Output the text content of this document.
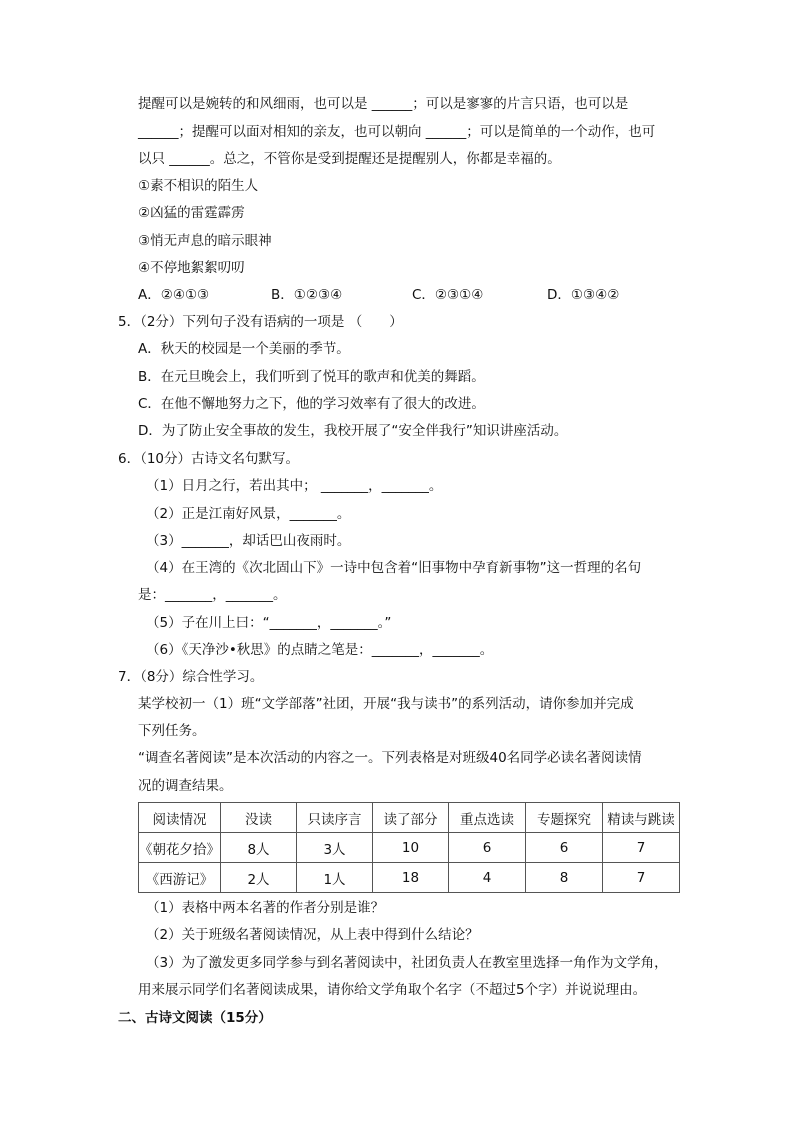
提醒可以是婉转的和风细雨，也可以是 ______；可以是寥寥的片言只语，也可以是
______；提醒可以面对相知的亲友，也可以朝向 ______；可以是简单的一个动作，也可
以只 ______。总之，不管你是受到提醒还是提醒别人，你都是幸福的。
①素不相识的陌生人
②凶猛的雷霆霹雳
③悄无声息的暗示眼神
④不停地絮絮叨叨
A．②④①③	B．①②③④	C．②③①④	D．①③④②
5．（2分）下列句子没有语病的一项是 （　　）
A．秋天的校园是一个美丽的季节。
B．在元旦晚会上，我们听到了悦耳的歌声和优美的舞蹈。
C．在他不懈地努力之下，他的学习效率有了很大的改进。
D．为了防止安全事故的发生，我校开展了“安全伴我行”知识讲座活动。
6．（10分）古诗文名句默写。
（1）日月之行，若出其中； _______，_______。
（2）正是江南好风景，_______。
（3）_______，却话巴山夜雨时。
（4）在王湾的《次北固山下》一诗中包含着“旧事物中孕育新事物”这一哲理的名句
是：_______，_______。
（5）子在川上曰：“_______，_______。”
（6）《天净沙•秋思》的点睛之笔是：_______，_______。
7．（8分）综合性学习。
某学校初一（1）班“文学部落”社团，开展“我与读书”的系列活动，请你参加并完成
下列任务。
“调查名著阅读”是本次活动的内容之一。下列表格是对班级40名同学必读名著阅读情
况的调查结果。
阅读情况	没读	只读序言	读了部分	重点选读	专题探究	精读与跳读
《朝花夕拾》	8人	3人	10	6	6	7
《西游记》	2人	1人	18	4	8	7
（1）表格中两本名著的作者分别是谁？
（2）关于班级名著阅读情况，从上表中得到什么结论？
（3）为了激发更多同学参与到名著阅读中，社团负责人在教室里选择一角作为文学角，
用来展示同学们名著阅读成果，请你给文学角取个名字（不超过5个字）并说说理由。
二、古诗文阅读（15分）
